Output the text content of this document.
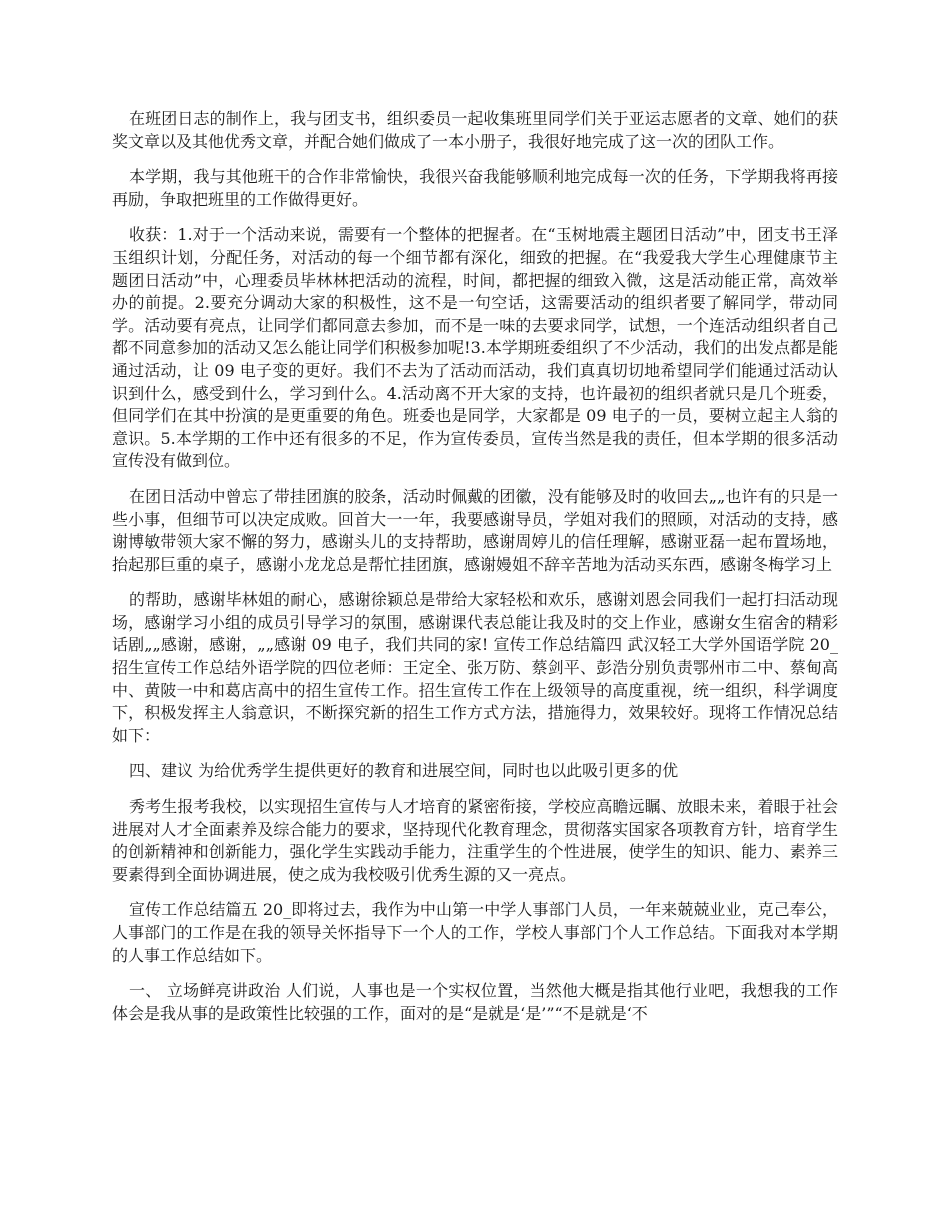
在班团日志的制作上，我与团支书，组织委员一起收集班里同学们关于亚运志愿者的文章、她们的获奖文章以及其他优秀文章，并配合她们做成了一本小册子，我很好地完成了这一次的团队工作。

本学期，我与其他班干的合作非常愉快，我很兴奋我能够顺利地完成每一次的任务，下学期我将再接再励，争取把班里的工作做得更好。

收获：1.对于一个活动来说，需要有一个整体的把握者。在“玉树地震主题团日活动”中，团支书王泽玉组织计划，分配任务，对活动的每一个细节都有深化，细致的把握。在“我爱我大学生心理健康节主题团日活动”中，心理委员毕林林把活动的流程，时间，都把握的细致入微，这是活动能正常，高效举办的前提。2.要充分调动大家的积极性，这不是一句空话，这需要活动的组织者要了解同学，带动同学。活动要有亮点，让同学们都同意去参加，而不是一味的去要求同学，试想，一个连活动组织者自己都不同意参加的活动又怎么能让同学们积极参加呢!3.本学期班委组织了不少活动，我们的出发点都是能通过活动，让 09 电子变的更好。我们不去为了活动而活动，我们真真切切地希望同学们能通过活动认识到什么，感受到什么，学习到什么。4.活动离不开大家的支持，也许最初的组织者就只是几个班委，但同学们在其中扮演的是更重要的角色。班委也是同学，大家都是 09 电子的一员，要树立起主人翁的意识。5.本学期的工作中还有很多的不足，作为宣传委员，宣传当然是我的责任，但本学期的很多活动宣传没有做到位。

在团日活动中曾忘了带挂团旗的胶条，活动时佩戴的团徽，没有能够及时的收回去„„也许有的只是一些小事，但细节可以决定成败。回首大一一年，我要感谢导员，学姐对我们的照顾，对活动的支持，感谢博敏带领大家不懈的努力，感谢头儿的支持帮助，感谢周婷儿的信任理解，感谢亚磊一起布置场地，抬起那巨重的桌子，感谢小龙龙总是帮忙挂团旗，感谢嫚姐不辞辛苦地为活动买东西，感谢冬梅学习上

的帮助，感谢毕林姐的耐心，感谢徐颖总是带给大家轻松和欢乐，感谢刘恩会同我们一起打扫活动现场，感谢学习小组的成员引导学习的氛围，感谢课代表总能让我及时的交上作业，感谢女生宿舍的精彩话剧„„感谢，感谢，„„感谢 09 电子，我们共同的家! 宣传工作总结篇四 武汉轻工大学外国语学院 20_招生宣传工作总结外语学院的四位老师：王定全、张万防、蔡剑平、彭浩分别负责鄂州市二中、蔡甸高中、黄陂一中和葛店高中的招生宣传工作。招生宣传工作在上级领导的高度重视，统一组织，科学调度下，积极发挥主人翁意识，不断探究新的招生工作方式方法，措施得力，效果较好。现将工作情况总结如下：

四、建议 为给优秀学生提供更好的教育和进展空间，同时也以此吸引更多的优

秀考生报考我校，以实现招生宣传与人才培育的紧密衔接，学校应高瞻远瞩、放眼未来，着眼于社会进展对人才全面素养及综合能力的要求，坚持现代化教育理念，贯彻落实国家各项教育方针，培育学生的创新精神和创新能力，强化学生实践动手能力，注重学生的个性进展，使学生的知识、能力、素养三要素得到全面协调进展，使之成为我校吸引优秀生源的又一亮点。

宣传工作总结篇五 20_即将过去，我作为中山第一中学人事部门人员，一年来兢兢业业，克己奉公，人事部门的工作是在我的领导关怀指导下一个人的工作，学校人事部门个人工作总结。下面我对本学期的人事工作总结如下。

一、 立场鲜亮讲政治 人们说，人事也是一个实权位置，当然他大概是指其他行业吧，我想我的工作体会是我从事的是政策性比较强的工作，面对的是“是就是‘是’”“不是就是‘不
